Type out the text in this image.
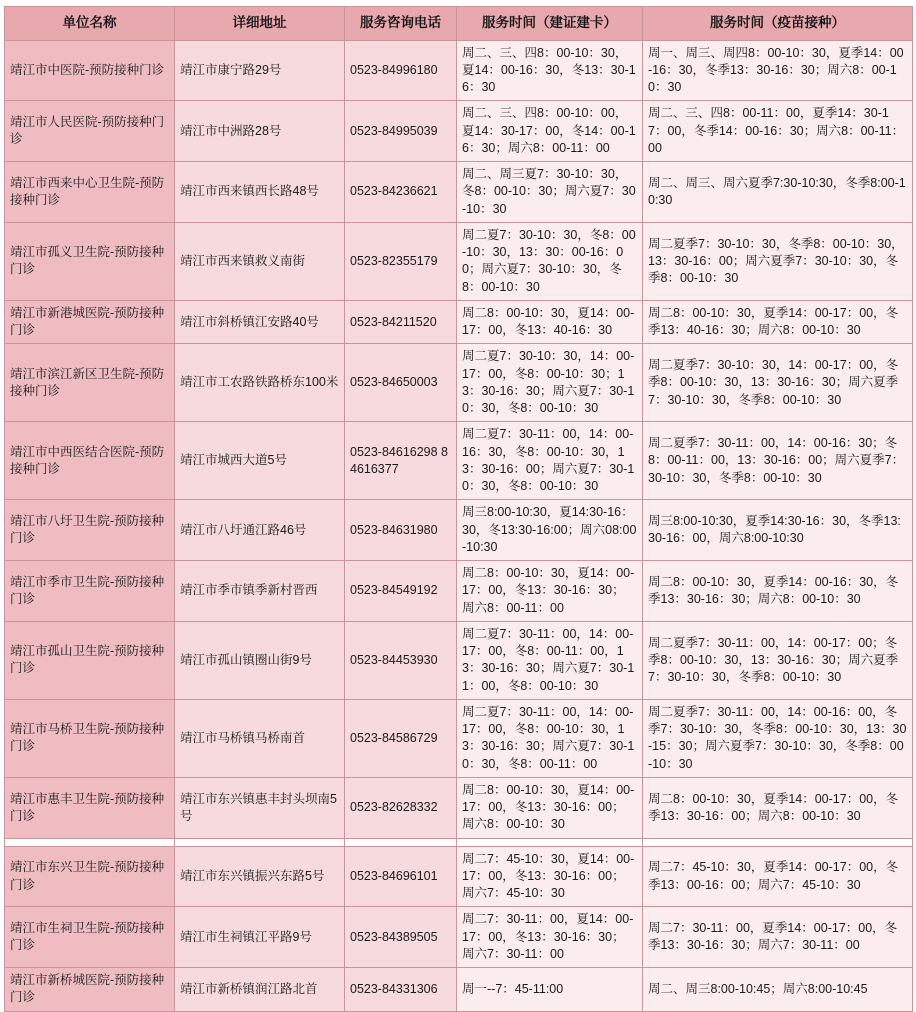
单位名称	详细地址	服务咨询电话	服务时间（建证建卡）	服务时间（疫苗接种）
靖江市中医院-预防接种门诊	靖江市康宁路29号	0523-84996180	周二、三、四8：00-10：30，夏14：00-16：30，冬13：30-16：30	周一、周三、周四8：00-10：30，夏季14：00-16：30，冬季13：30-16：30；周六8：00-10：30
靖江市人民医院-预防接种门诊	靖江市中洲路28号	0523-84995039	周二、三、四8：00-10：00，夏14：30-17：00，冬14：00-16：30；周六8：00-11：00	周二、三、四8：00-11：00，夏季14：30-17：00，冬季14：00-16：30；周六8：00-11：00
靖江市西来中心卫生院-预防接种门诊	靖江市西来镇西长路48号	0523-84236621	周二、周三夏7：30-10：30，冬8：00-10：30；周六夏7：30-10：30	周二、周三、周六夏季7:30-10:30，冬季8:00-10:30
靖江市孤义卫生院-预防接种门诊	靖江市西来镇救义南街	0523-82355179	周二夏7：30-10：30，冬8：00-10：30，13：30：00-16：00；周六夏7：30-10：30，冬8：00-10：30	周二夏季7：30-10：30，冬季8：00-10：30，13：30-16：00；周六夏季7：30-10：30，冬季8：00-10：30
靖江市新港城医院-预防接种门诊	靖江市斜桥镇江安路40号	0523-84211520	周二8：00-10：30，夏14：00-17：00，冬13：40-16：30	周二8：00-10：30，夏季14：00-17：00，冬季13：40-16：30；周六8：00-10：30
靖江市滨江新区卫生院-预防接种门诊	靖江市工农路铁路桥东100米	0523-84650003	周二夏7：30-10：30，14：00-17：00，冬8：00-10：30；13：30-16：30；周六夏7：30-10：30，冬8：00-10：30	周二夏季7：30-10：30，14：00-17：00，冬季8：00-10：30，13：30-16：30；周六夏季7：30-10：30，冬季8：00-10：30
靖江市中西医结合医院-预防接种门诊	靖江市城西大道5号	0523-84616298 84616377	周二夏7：30-11：00，14：00-16：30，冬8：00-10：30，13：30-16：00；周六夏7：30-10：30，冬8：00-10：30	周二夏季7：30-11：00，14：00-16：30；冬8：00-11：00，13：30-16：00；周六夏季7：30-10：30，冬季8：00-10：30
靖江市八圩卫生院-预防接种门诊	靖江市八圩通江路46号	0523-84631980	周三8:00-10:30，夏14:30-16：30，冬13:30-16:00；周六08:00-10:30	周三8:00-10:30，夏季14:30-16：30，冬季13:30-16：00，周六8:00-10:30
靖江市季市卫生院-预防接种门诊	靖江市季市镇季新村晋西	0523-84549192	周二8：00-10：30，夏14：00-17：00，冬13：30-16：30；周六8：00-11：00	周二8：00-10：30，夏季14：00-16：30，冬季13：30-16：30；周六8：00-10：30
靖江市孤山卫生院-预防接种门诊	靖江市孤山镇圈山街9号	0523-84453930	周二夏7：30-11：00，14：00-17：00，冬8：00-11：00，13：30-16：30；周六夏7：30-11：00，冬8：00-10：30	周二夏季7：30-11：00，14：00-17：00；冬季8：00-10：30，13：30-16：30；周六夏季7：30-10：30，冬季8：00-10：30
靖江市马桥卫生院-预防接种门诊	靖江市马桥镇马桥南首	0523-84586729	周二夏7：30-11：00，14：00-17：00，冬8：00-10：30，13：30-16：30；周六夏7：30-10：30，冬8：00-11：00	周二夏季7：30-11：00，14：00-16：00，冬季7：30-10：30，冬季8：00-10：30，13：30-15：30；周六夏季7：30-10：30，冬季8：00-10：30
靖江市惠丰卫生院-预防接种门诊	靖江市东兴镇惠丰封头坝南5号	0523-82628332	周二8：00-10：30，夏14：00-17：00，冬13：30-16：00；周六8：00-10：30	周二8：00-10：30，夏季14：00-17：00，冬季13：30-16：00；周六8：00-10：30

靖江市东兴卫生院-预防接种门诊	靖江市东兴镇振兴东路5号	0523-84696101	周二7：45-10：30，夏14：00-17：00，冬13：30-16：00；周六7：45-10：30	周二7：45-10：30，夏季14：00-17：00，冬季13：00-16：00；周六7：45-10：30
靖江市生祠卫生院-预防接种门诊	靖江市生祠镇江平路9号	0523-84389505	周二7：30-11：00，夏14：00-17：00，冬13：30-16：30；周六7：30-11：00	周二7：30-11：00，夏季14：00-17：00，冬季13：30-16：30；周六7：30-11：00
靖江市新桥城医院-预防接种门诊	靖江市新桥镇润江路北首	0523-84331306	周一--7：45-11:00	周二、周三8:00-10:45；周六8:00-10:45
